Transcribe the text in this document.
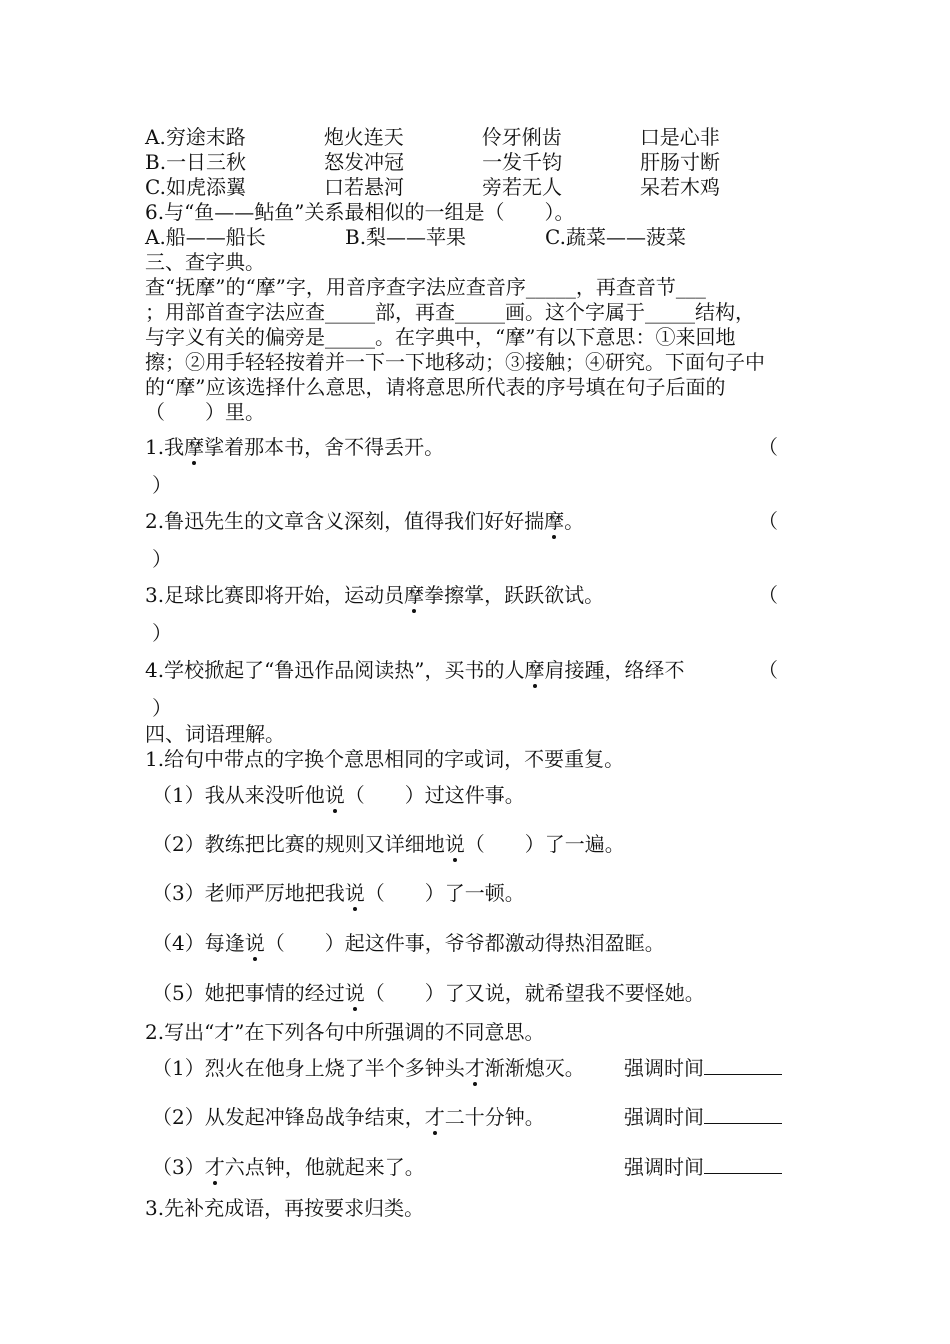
A.穷途末路	炮火连天	伶牙俐齿	口是心非
B.一日三秋	怒发冲冠	一发千钧	肝肠寸断
C.如虎添翼	口若悬河	旁若无人	呆若木鸡
6.与“鱼——鲇鱼”关系最相似的一组是（　　）。
A.船——船长	B.梨——苹果	C.蔬菜——菠菜
三、查字典。
查“抚摩”的“摩”字，用音序查字法应查音序_____，再查音节___
；用部首查字法应查_____部，再查_____画。这个字属于_____结构，
与字义有关的偏旁是_____。在字典中，“摩”有以下意思：①来回地
擦；②用手轻轻按着并一下一下地移动；③接触；④研究。下面句子中
的“摩”应该选择什么意思，请将意思所代表的序号填在句子后面的
（　　）里。
1.我摩挲着那本书，舍不得丢开。	（
）
2.鲁迅先生的文章含义深刻，值得我们好好揣摩。	（
）
3.足球比赛即将开始，运动员摩拳擦掌，跃跃欲试。	（
）
4.学校掀起了“鲁迅作品阅读热”，买书的人摩肩接踵，络绎不	（
）
四、词语理解。
1.给句中带点的字换个意思相同的字或词，不要重复。
（1）我从来没听他说（　　）过这件事。
（2）教练把比赛的规则又详细地说（　　）了一遍。
（3）老师严厉地把我说（　　）了一顿。
（4）每逢说（　　）起这件事，爷爷都激动得热泪盈眶。
（5）她把事情的经过说（　　）了又说，就希望我不要怪她。
2.写出“才”在下列各句中所强调的不同意思。
（1）烈火在他身上烧了半个多钟头才渐渐熄灭。 强调时间
（2）从发起冲锋岛战争结束，才二十分钟。	强调时间
（3）才六点钟，他就起来了。	强调时间
3.先补充成语，再按要求归类。
